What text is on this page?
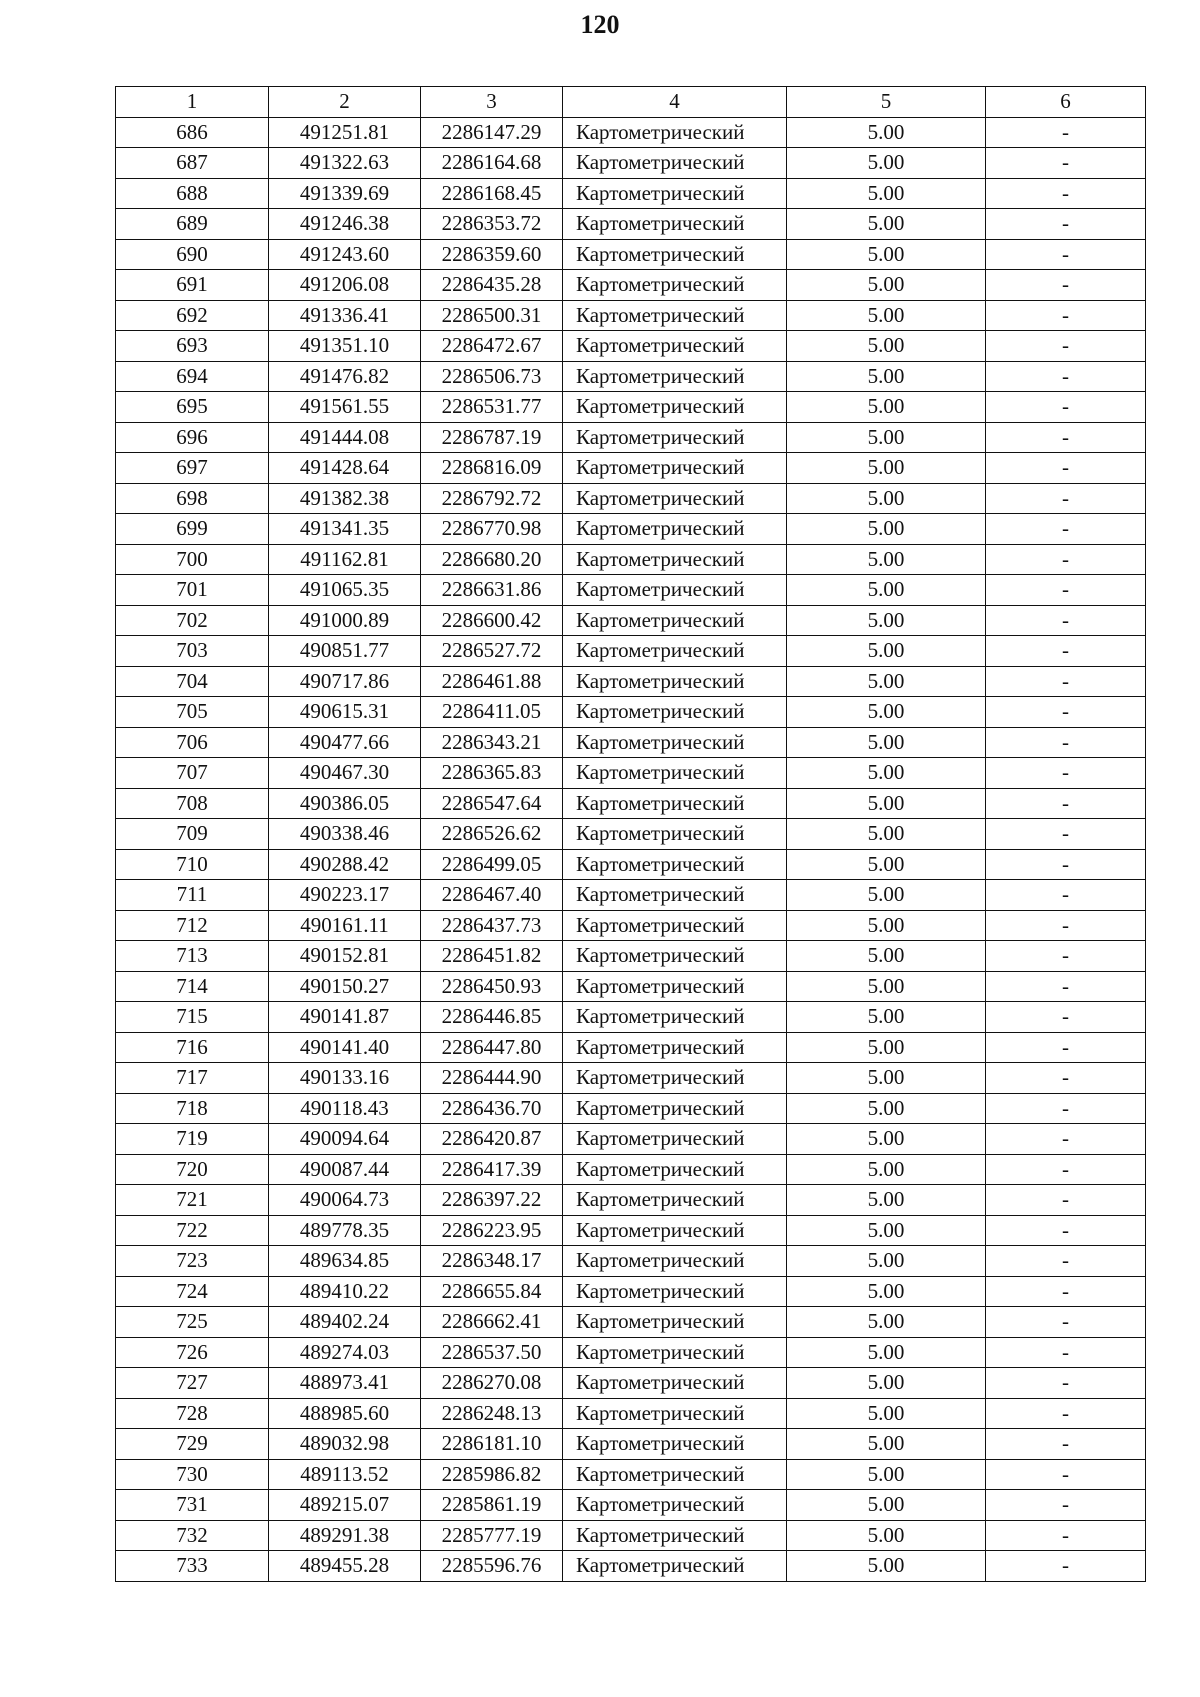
120
1	2	3	4	5	6
686	491251.81	2286147.29	Картометрический	5.00	-
687	491322.63	2286164.68	Картометрический	5.00	-
688	491339.69	2286168.45	Картометрический	5.00	-
689	491246.38	2286353.72	Картометрический	5.00	-
690	491243.60	2286359.60	Картометрический	5.00	-
691	491206.08	2286435.28	Картометрический	5.00	-
692	491336.41	2286500.31	Картометрический	5.00	-
693	491351.10	2286472.67	Картометрический	5.00	-
694	491476.82	2286506.73	Картометрический	5.00	-
695	491561.55	2286531.77	Картометрический	5.00	-
696	491444.08	2286787.19	Картометрический	5.00	-
697	491428.64	2286816.09	Картометрический	5.00	-
698	491382.38	2286792.72	Картометрический	5.00	-
699	491341.35	2286770.98	Картометрический	5.00	-
700	491162.81	2286680.20	Картометрический	5.00	-
701	491065.35	2286631.86	Картометрический	5.00	-
702	491000.89	2286600.42	Картометрический	5.00	-
703	490851.77	2286527.72	Картометрический	5.00	-
704	490717.86	2286461.88	Картометрический	5.00	-
705	490615.31	2286411.05	Картометрический	5.00	-
706	490477.66	2286343.21	Картометрический	5.00	-
707	490467.30	2286365.83	Картометрический	5.00	-
708	490386.05	2286547.64	Картометрический	5.00	-
709	490338.46	2286526.62	Картометрический	5.00	-
710	490288.42	2286499.05	Картометрический	5.00	-
711	490223.17	2286467.40	Картометрический	5.00	-
712	490161.11	2286437.73	Картометрический	5.00	-
713	490152.81	2286451.82	Картометрический	5.00	-
714	490150.27	2286450.93	Картометрический	5.00	-
715	490141.87	2286446.85	Картометрический	5.00	-
716	490141.40	2286447.80	Картометрический	5.00	-
717	490133.16	2286444.90	Картометрический	5.00	-
718	490118.43	2286436.70	Картометрический	5.00	-
719	490094.64	2286420.87	Картометрический	5.00	-
720	490087.44	2286417.39	Картометрический	5.00	-
721	490064.73	2286397.22	Картометрический	5.00	-
722	489778.35	2286223.95	Картометрический	5.00	-
723	489634.85	2286348.17	Картометрический	5.00	-
724	489410.22	2286655.84	Картометрический	5.00	-
725	489402.24	2286662.41	Картометрический	5.00	-
726	489274.03	2286537.50	Картометрический	5.00	-
727	488973.41	2286270.08	Картометрический	5.00	-
728	488985.60	2286248.13	Картометрический	5.00	-
729	489032.98	2286181.10	Картометрический	5.00	-
730	489113.52	2285986.82	Картометрический	5.00	-
731	489215.07	2285861.19	Картометрический	5.00	-
732	489291.38	2285777.19	Картометрический	5.00	-
733	489455.28	2285596.76	Картометрический	5.00	-
